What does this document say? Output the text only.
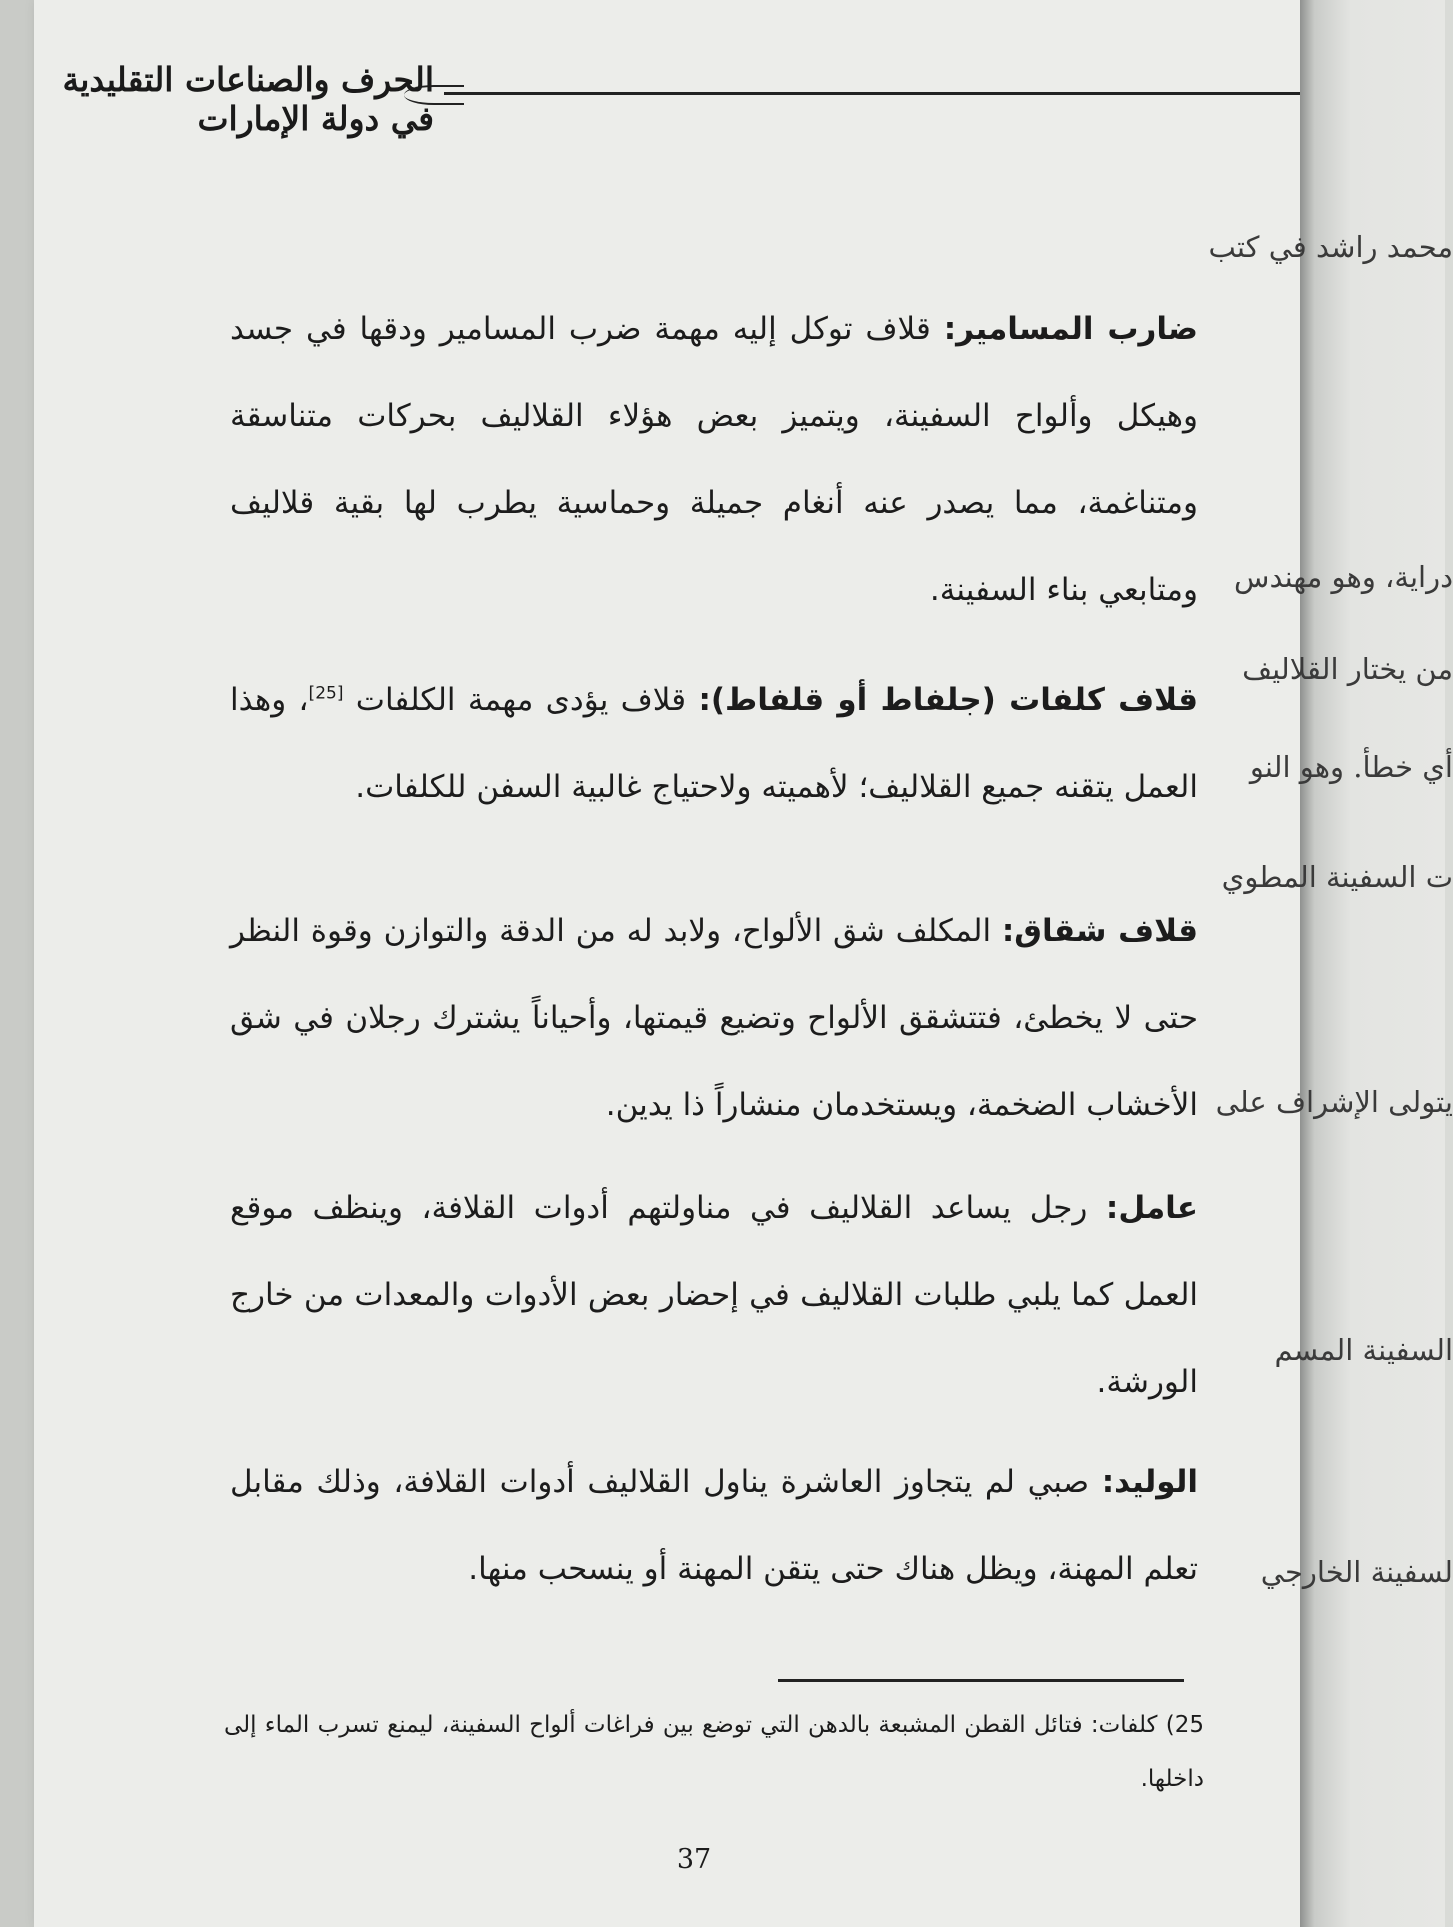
الحرف والصناعات التقليدية في دولة الإمارات

ضارب المسامير: قلاف توكل إليه مهمة ضرب المسامير ودقها في جسد وهيكل وألواح السفينة، ويتميز بعض هؤلاء القلاليف بحركات متناسقة ومتناغمة، مما يصدر عنه أنغام جميلة وحماسية يطرب لها بقية قلاليف ومتابعي بناء السفينة.

قلاف كلفات (جلفاط أو قلفاط): قلاف يؤدى مهمة الكلفات [25]، وهذا العمل يتقنه جميع القلاليف؛ لأهميته ولاحتياج غالبية السفن للكلفات.

قلاف شقاق: المكلف شق الألواح، ولابد له من الدقة والتوازن وقوة النظر حتى لا يخطئ، فتتشقق الألواح وتضيع قيمتها، وأحياناً يشترك رجلان في شق الأخشاب الضخمة، ويستخدمان منشاراً ذا يدين.

عامل: رجل يساعد القلاليف في مناولتهم أدوات القلافة، وينظف موقع العمل كما يلبي طلبات القلاليف في إحضار بعض الأدوات والمعدات من خارج الورشة.

الوليد: صبي لم يتجاوز العاشرة يناول القلاليف أدوات القلافة، وذلك مقابل تعلم المهنة، ويظل هناك حتى يتقن المهنة أو ينسحب منها.

25) كلفات: فتائل القطن المشبعة بالدهن التي توضع بين فراغات ألواح السفينة، ليمنع تسرب الماء إلى داخلها.

37
محمد راشد في كتب
دراية، وهو مهندس
من يختار القلاليف
أي خطأ. وهو النو
ت السفينة المطوي
يتولى الإشراف على
السفينة المسم
لسفينة الخارجي
